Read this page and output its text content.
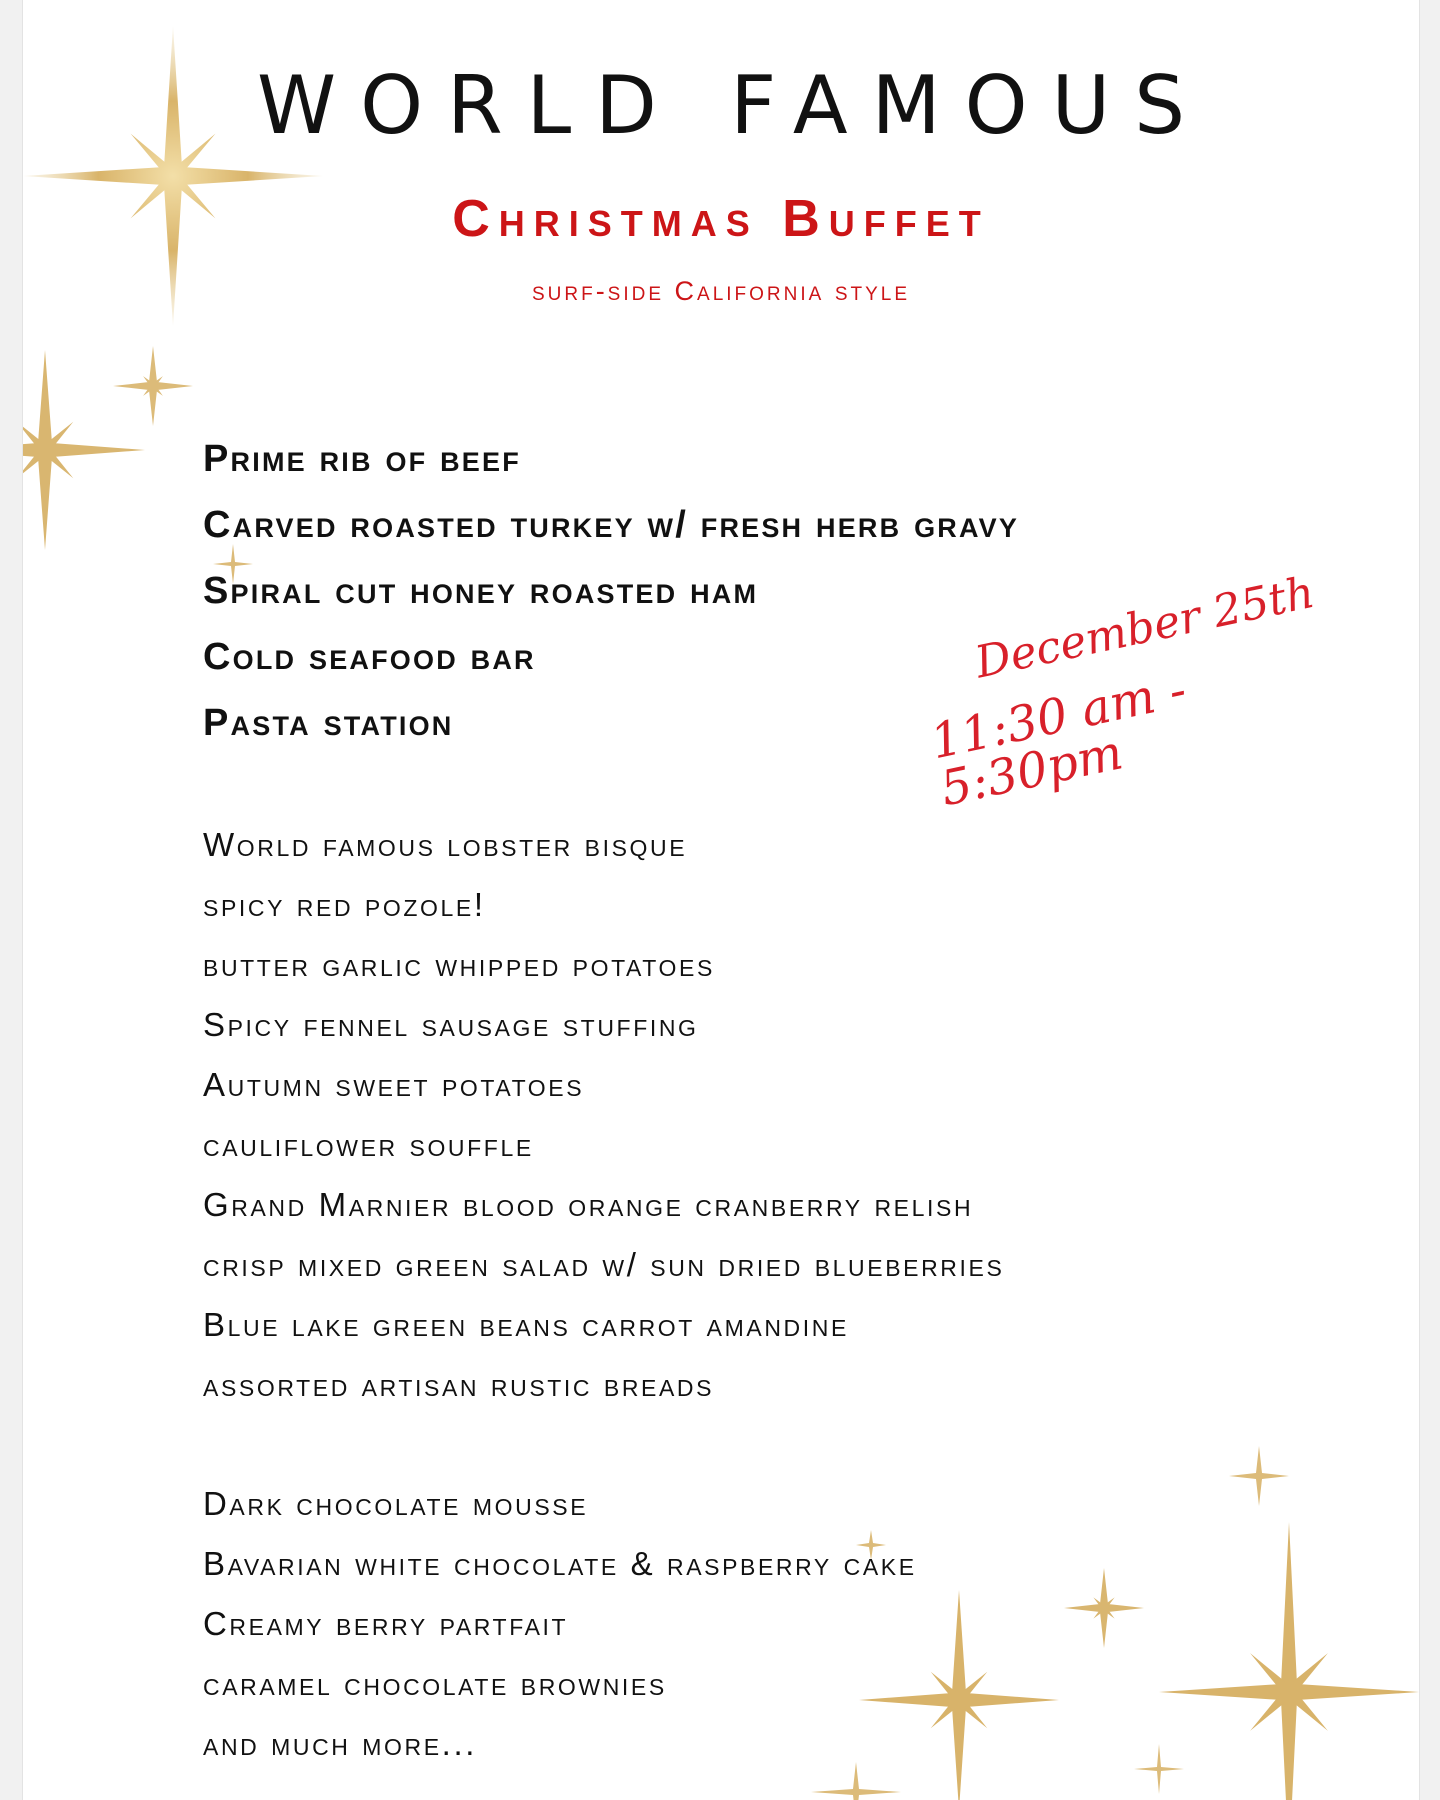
WORLD FAMOUS
Christmas Buffet
surf-side California style
Prime rib of beef
Carved roasted turkey w/ fresh herb gravy
Spiral cut honey roasted ham
Cold seafood bar
Pasta station
December 25th
11:30 am - 5:30pm
World famous lobster bisque
spicy red pozole!
butter garlic whipped potatoes
Spicy fennel sausage stuffing
Autumn sweet potatoes
cauliflower souffle
Grand Marnier blood orange cranberry relish
crisp mixed green salad w/ sun dried blueberries
Blue lake green beans carrot amandine
assorted artisan rustic breads
Dark chocolate mousse
Bavarian white chocolate & raspberry cake
Creamy berry partfait
caramel chocolate brownies
and much more...
